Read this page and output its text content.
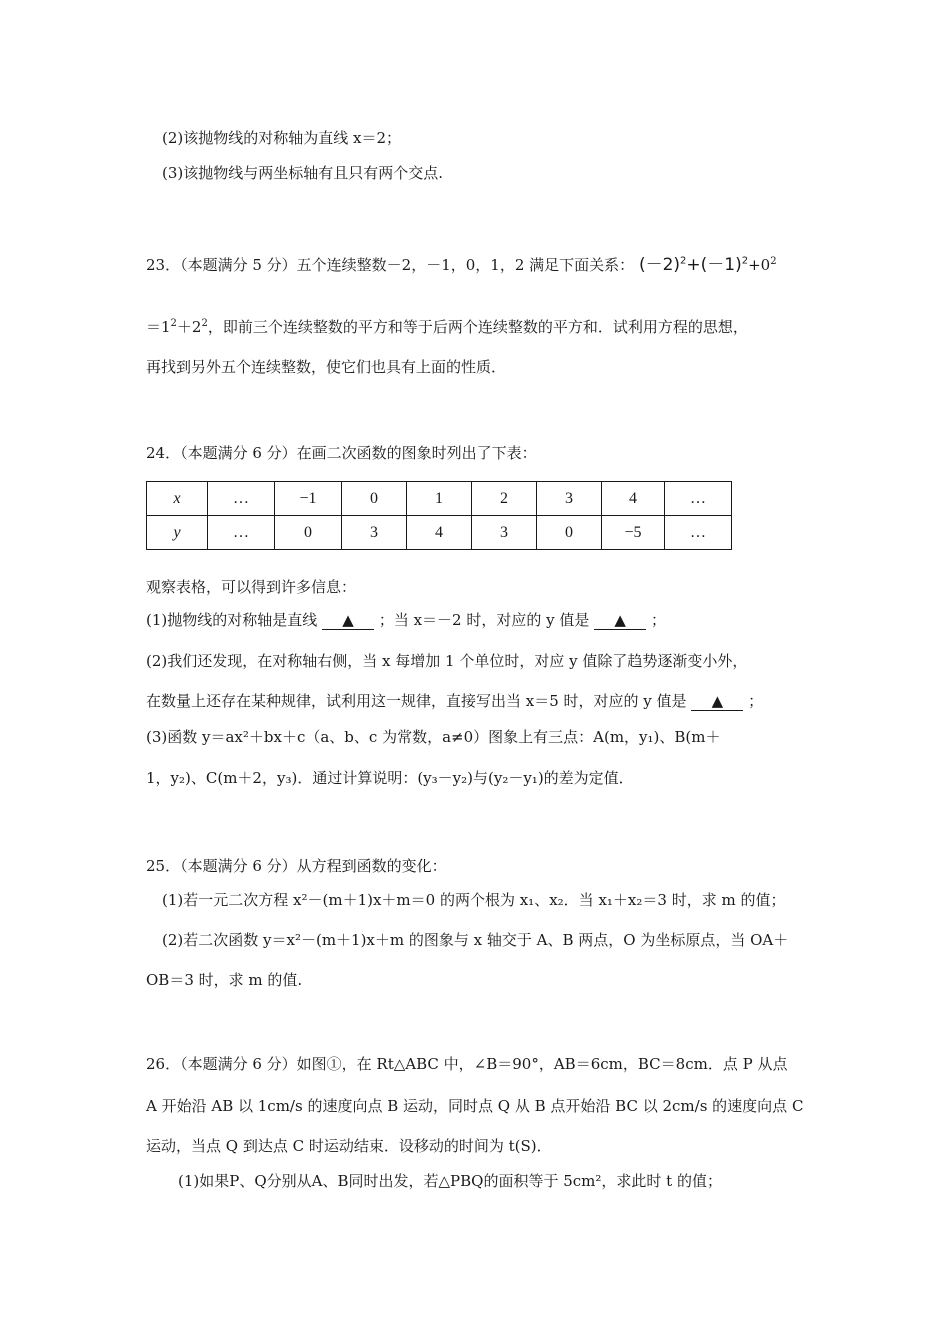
(2)该抛物线的对称轴为直线 x＝2；
(3)该抛物线与两坐标轴有且只有两个交点.
23．（本题满分 5 分）五个连续整数－2，－1，0，1，2 满足下面关系： $(-2)^2+(-1)^2+0^2$
$=1^2+2^2$，即前三个连续整数的平方和等于后两个连续整数的平方和．试利用方程的思想，
再找到另外五个连续整数，使它们也具有上面的性质．
24．（本题满分 6 分）在画二次函数的图象时列出了下表：
x	…	−1	0	1	2	3	4	…
y	…	0	3	4	3	0	−5	…
观察表格，可以得到许多信息：
(1)抛物线的对称轴是直线 ▲ ；当 x＝－2 时，对应的 y 值是 ▲ ；
(2)我们还发现，在对称轴右侧，当 x 每增加 1 个单位时，对应 y 值除了趋势逐渐变小外，
在数量上还存在某种规律，试利用这一规律，直接写出当 x＝5 时，对应的 y 值是 ▲ ；
(3)函数 y＝ax²＋bx＋c（a、b、c 为常数，a≠0）图象上有三点：A(m，y₁)、B(m＋
1，y₂)、C(m＋2，y₃)．通过计算说明：(y₃－y₂)与(y₂－y₁)的差为定值．
25．（本题满分 6 分）从方程到函数的变化：
(1)若一元二次方程 x²－(m＋1)x＋m＝0 的两个根为 x₁、x₂．当 x₁＋x₂＝3 时，求 m 的值；
(2)若二次函数 y＝x²－(m＋1)x＋m 的图象与 x 轴交于 A、B 两点，O 为坐标原点，当 OA＋
OB＝3 时，求 m 的值.
26．（本题满分 6 分）如图①，在 Rt△ABC 中，∠B＝90°，AB＝6cm，BC＝8cm．点 P 从点
A 开始沿 AB 以 1cm/s 的速度向点 B 运动，同时点 Q 从 B 点开始沿 BC 以 2cm/s 的速度向点 C
运动，当点 Q 到达点 C 时运动结束．设移动的时间为 t(S)．
(1)如果P、Q分别从A、B同时出发，若△PBQ的面积等于 5cm²，求此时 t 的值；
